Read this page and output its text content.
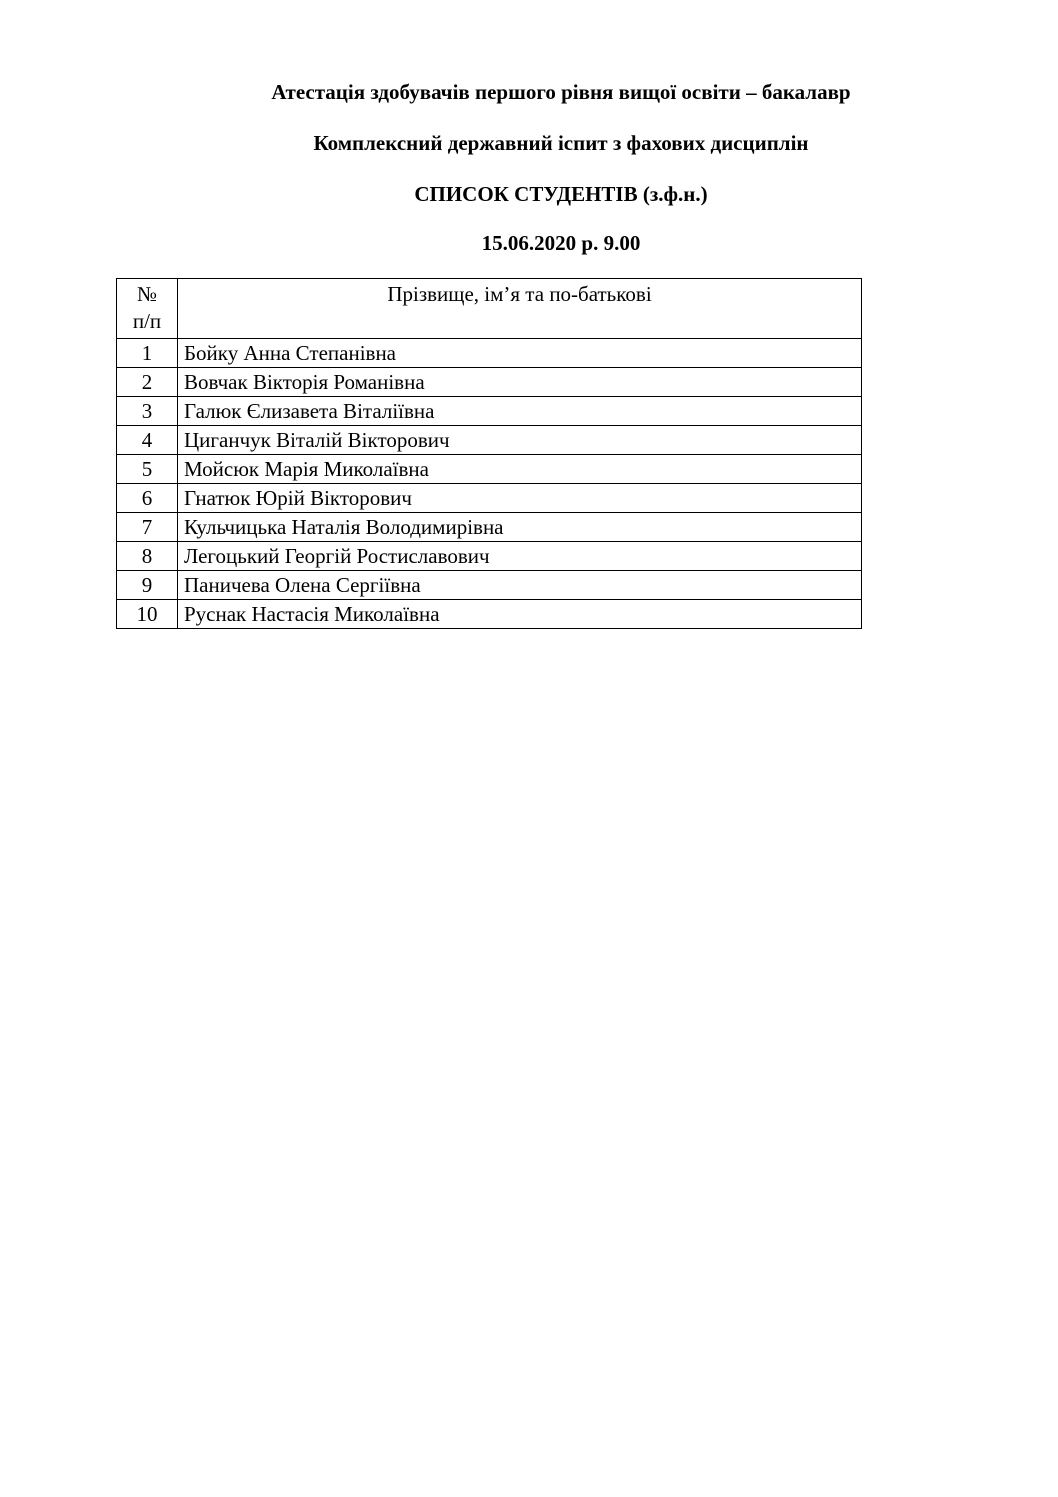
Атестація здобувачів першого рівня вищої освіти – бакалавр
Комплексний державний іспит з фахових дисциплін
СПИСОК СТУДЕНТІВ (з.ф.н.)
15.06.2020 р. 9.00
№
п/п	Прізвище, ім’я та по-батькові
1	Бойку Анна Степанівна
2	Вовчак Вікторія Романівна
3	Галюк Єлизавета Віталіївна
4	Циганчук Віталій Вікторович
5	Мойсюк Марія Миколаївна
6	Гнатюк Юрій Вікторович
7	Кульчицька Наталія Володимирівна
8	Легоцький Георгій Ростиславович
9	Паничева Олена Сергіївна
10	Руснак Настасія Миколаївна
